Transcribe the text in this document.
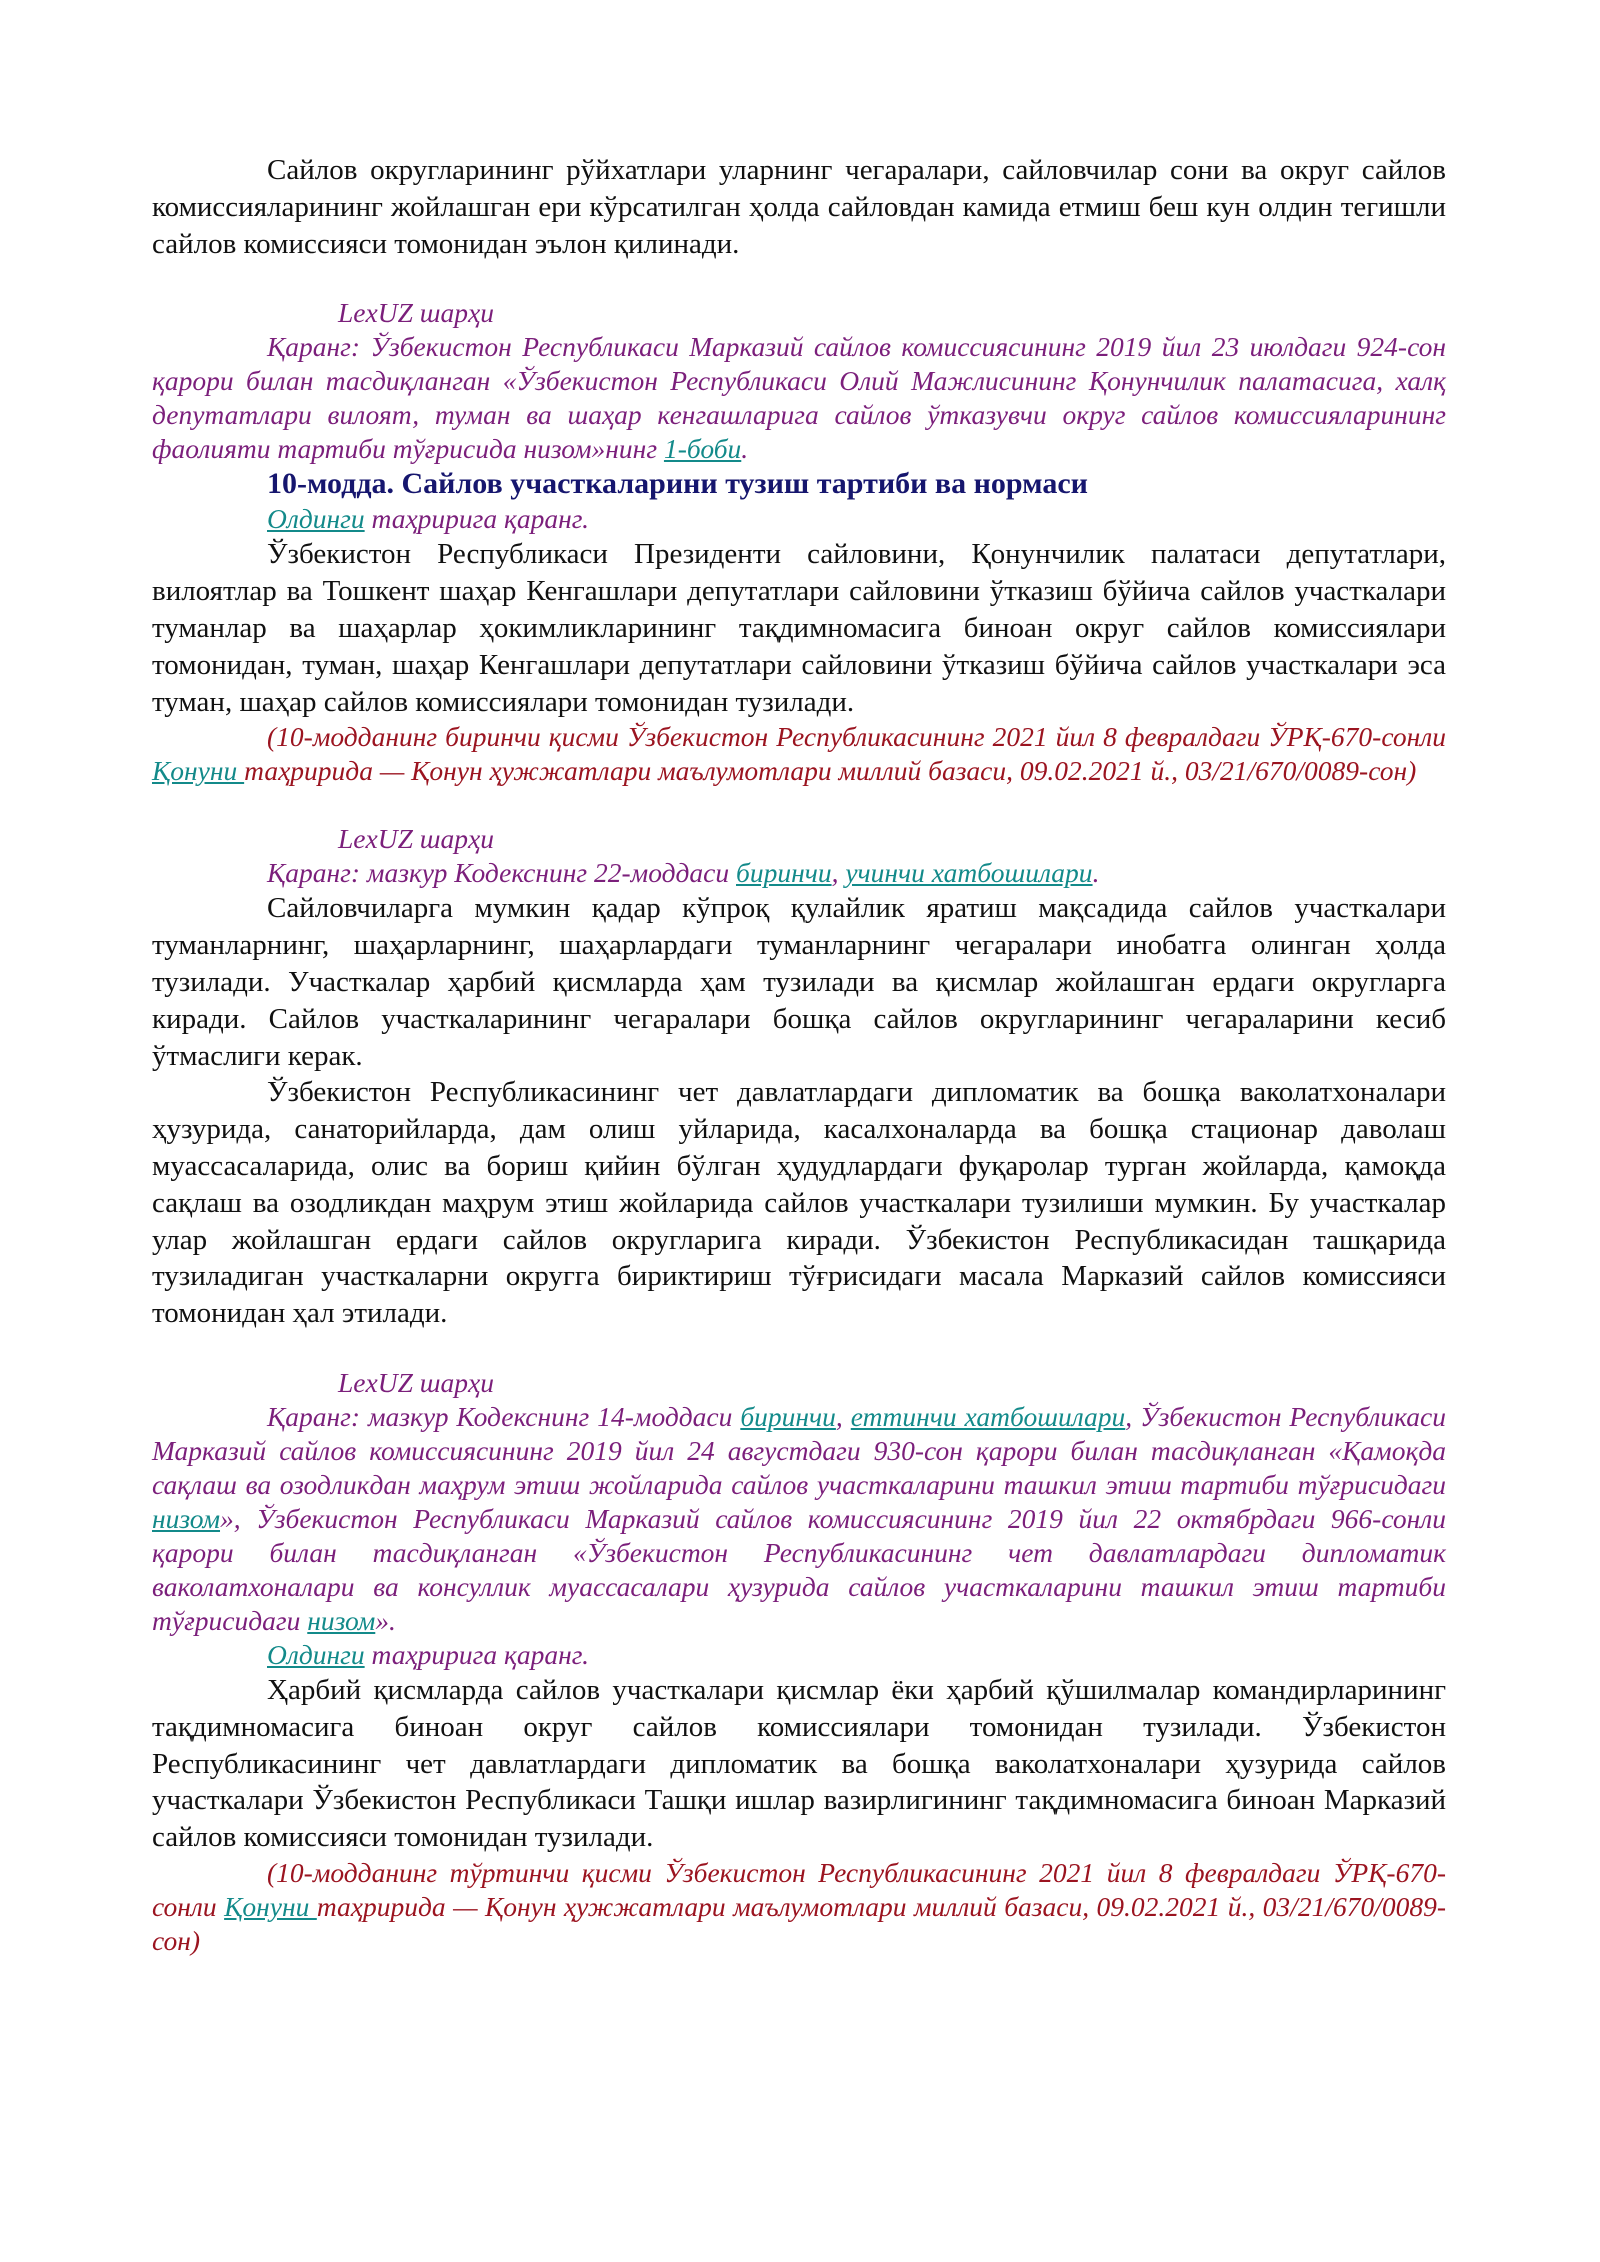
Сайлов округларининг рўйхатлари уларнинг чегаралари, сайловчилар сони ва округ сайлов комиссияларининг жойлашган ери кўрсатилган ҳолда сайловдан камида етмиш беш кун олдин тегишли сайлов комиссияси томонидан эълон қилинади.

LexUZ шарҳи

Қаранг: Ўзбекистон Республикаси Марказий сайлов комиссиясининг 2019 йил 23 июлдаги 924-сон қарори билан тасдиқланган «Ўзбекистон Республикаси Олий Мажлисининг Қонунчилик палатасига, халқ депутатлари вилоят, туман ва шаҳар кенгашларига сайлов ўтказувчи округ сайлов комиссияларининг фаолияти тартиби тўғрисида низом»нинг 1-боби.

10-модда. Сайлов участкаларини тузиш тартиби ва нормаси

Олдинги таҳририга қаранг.

Ўзбекистон Республикаси Президенти сайловини, Қонунчилик палатаси депутатлари, вилоятлар ва Тошкент шаҳар Кенгашлари депутатлари сайловини ўтказиш бўйича сайлов участкалари туманлар ва шаҳарлар ҳокимликларининг тақдимномасига биноан округ сайлов комиссиялари томонидан, туман, шаҳар Кенгашлари депутатлари сайловини ўтказиш бўйича сайлов участкалари эса туман, шаҳар сайлов комиссиялари томонидан тузилади.

(10-модданинг биринчи қисми Ўзбекистон Республикасининг 2021 йил 8 февралдаги ЎРҚ-670-сонли Қонуни таҳририда — Қонун ҳужжатлари маълумотлари миллий базаси, 09.02.2021 й., 03/21/670/0089-сон)

LexUZ шарҳи

Қаранг: мазкур Кодекснинг 22-моддаси биринчи, учинчи хатбошилари.

Сайловчиларга мумкин қадар кўпроқ қулайлик яратиш мақсадида сайлов участкалари туманларнинг, шаҳарларнинг, шаҳарлардаги туманларнинг чегаралари инобатга олинган ҳолда тузилади. Участкалар ҳарбий қисмларда ҳам тузилади ва қисмлар жойлашган ердаги округларга киради. Сайлов участкаларининг чегаралари бошқа сайлов округларининг чегараларини кесиб ўтмаслиги керак.

Ўзбекистон Республикасининг чет давлатлардаги дипломатик ва бошқа ваколатхоналари ҳузурида, санаторийларда, дам олиш уйларида, касалхоналарда ва бошқа стационар даволаш муассасаларида, олис ва бориш қийин бўлган ҳудудлардаги фуқаролар турган жойларда, қамоқда сақлаш ва озодликдан маҳрум этиш жойларида сайлов участкалари тузилиши мумкин. Бу участкалар улар жойлашган ердаги сайлов округларига киради. Ўзбекистон Республикасидан ташқарида тузиладиган участкаларни округга бириктириш тўғрисидаги масала Марказий сайлов комиссияси томонидан ҳал этилади.

LexUZ шарҳи

Қаранг: мазкур Кодекснинг 14-моддаси биринчи, еттинчи хатбошилари, Ўзбекистон Республикаси Марказий сайлов комиссиясининг 2019 йил 24 августдаги 930-сон қарори билан тасдиқланган «Қамоқда сақлаш ва озодликдан маҳрум этиш жойларида сайлов участкаларини ташкил этиш тартиби тўғрисидаги низом», Ўзбекистон Республикаси Марказий сайлов комиссиясининг 2019 йил 22 октябрдаги 966-сонли қарори билан тасдиқланган «Ўзбекистон Республикасининг чет давлатлардаги дипломатик ваколатхоналари ва консуллик муассасалари ҳузурида сайлов участкаларини ташкил этиш тартиби тўғрисидаги низом».

Олдинги таҳририга қаранг.

Ҳарбий қисмларда сайлов участкалари қисмлар ёки ҳарбий қўшилмалар командирларининг тақдимномасига биноан округ сайлов комиссиялари томонидан тузилади. Ўзбекистон Республикасининг чет давлатлардаги дипломатик ва бошқа ваколатхоналари ҳузурида сайлов участкалари Ўзбекистон Республикаси Ташқи ишлар вазирлигининг тақдимномасига биноан Марказий сайлов комиссияси томонидан тузилади.

(10-модданинг тўртинчи қисми Ўзбекистон Республикасининг 2021 йил 8 февралдаги ЎРҚ-670-сонли Қонуни таҳририда — Қонун ҳужжатлари маълумотлари миллий базаси, 09.02.2021 й., 03/21/670/0089-сон)
